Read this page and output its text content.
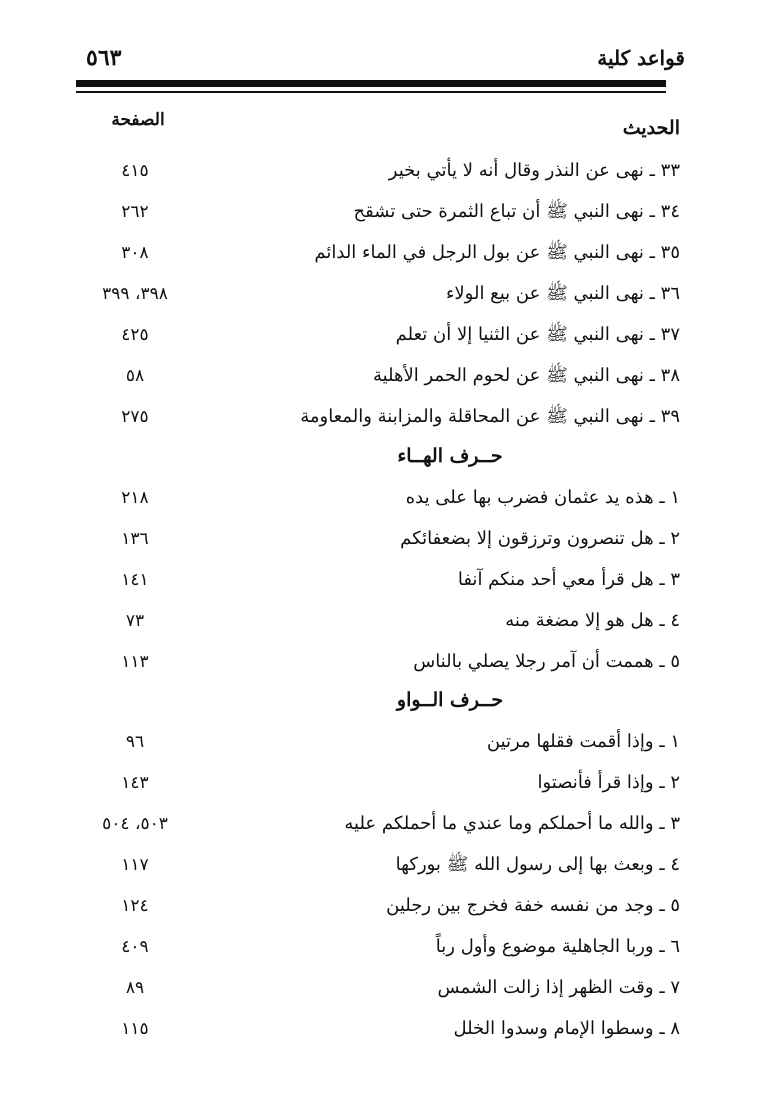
قواعد كلية
٥٦٣
الحديث
الصفحة
٣٣ ـ نهى عن النذر وقال أنه لا يأتي بخير
٤١٥
٣٤ ـ نهى النبي ﷺ أن تباع الثمرة حتى تشقح
٢٦٢
٣٥ ـ نهى النبي ﷺ عن بول الرجل في الماء الدائم
٣٠٨
٣٦ ـ نهى النبي ﷺ عن بيع الولاء
٣٩٨، ٣٩٩
٣٧ ـ نهى النبي ﷺ عن الثنيا إلا أن تعلم
٤٢٥
٣٨ ـ نهى النبي ﷺ عن لحوم الحمر الأهلية
٥٨
٣٩ ـ نهى النبي ﷺ عن المحاقلة والمزابنة والمعاومة
٢٧٥
حــرف الهــاء
١ ـ هذه يد عثمان فضرب بها على يده
٢١٨
٢ ـ هل تنصرون وترزقون إلا بضعفائكم
١٣٦
٣ ـ هل قرأ معي أحد منكم آنفا
١٤١
٤ ـ هل هو إلا مضغة منه
٧٣
٥ ـ هممت أن آمر رجلا يصلي بالناس
١١٣
حــرف الــواو
١ ـ وإذا أقمت فقلها مرتين
٩٦
٢ ـ وإذا قرأ فأنصتوا
١٤٣
٣ ـ والله ما أحملكم وما عندي ما أحملكم عليه
٥٠٣، ٥٠٤
٤ ـ وبعث بها إلى رسول الله ﷺ بوركها
١١٧
٥ ـ وجد من نفسه خفة فخرج بين رجلين
١٢٤
٦ ـ وربا الجاهلية موضوع وأول رباً
٤٠٩
٧ ـ وقت الظهر إذا زالت الشمس
٨٩
٨ ـ وسطوا الإمام وسدوا الخلل
١١٥
